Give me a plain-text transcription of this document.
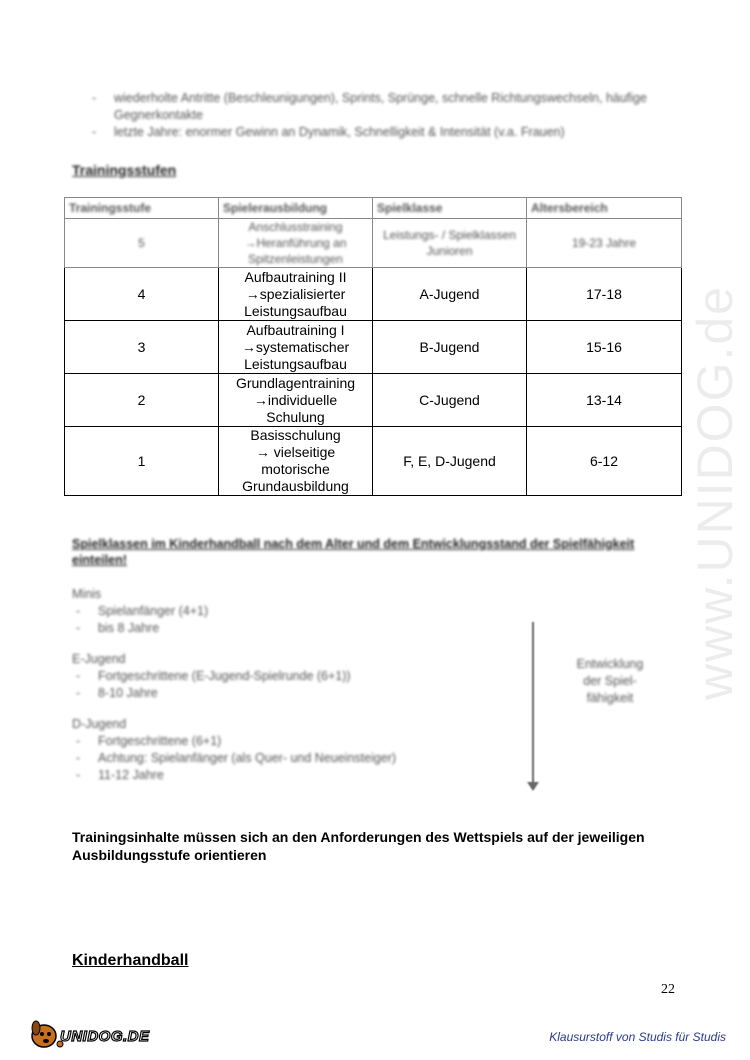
- wiederholte Antritte (Beschleunigungen), Sprints, Sprünge, schnelle Richtungswechseln, häufige Gegnerkontakte
- letzte Jahre: enormer Gewinn an Dynamik, Schnelligkeit & Intensität (v.a. Frauen)
Trainingsstufen
Trainingsstufe	Spielerausbildung	Spielklasse	Altersbereich
5	Anschlusstraining →Heranführung an Spitzenleistungen	Leistungs- / Spielklassen Junioren	19-23 Jahre
4	Aufbautraining II
→spezialisierter
Leistungsaufbau	A-Jugend	17-18
3	Aufbautraining I
→systematischer
Leistungsaufbau	B-Jugend	15-16
2	Grundlagentraining
→individuelle
Schulung	C-Jugend	13-14
1	Basisschulung
→ vielseitige
motorische
Grundausbildung	F, E, D-Jugend	6-12
Spielklassen im Kinderhandball nach dem Alter und dem Entwicklungsstand der Spielfähigkeit einteilen!
Minis
- Spielanfänger (4+1)
- bis 8 Jahre
E-Jugend
- Fortgeschrittene (E-Jugend-Spielrunde (6+1))
- 8-10 Jahre
D-Jugend
- Fortgeschrittene (6+1)
- Achtung: Spielanfänger (als Quer- und Neueinsteiger)
- 11-12 Jahre
Entwicklung
der Spiel-
fähigkeit
Trainingsinhalte müssen sich an den Anforderungen des Wettspiels auf der jeweiligen Ausbildungsstufe orientieren
Kinderhandball
22
www.UNIDOG.de
UNIDOG.DE	Klausurstoff von Studis für Studis
